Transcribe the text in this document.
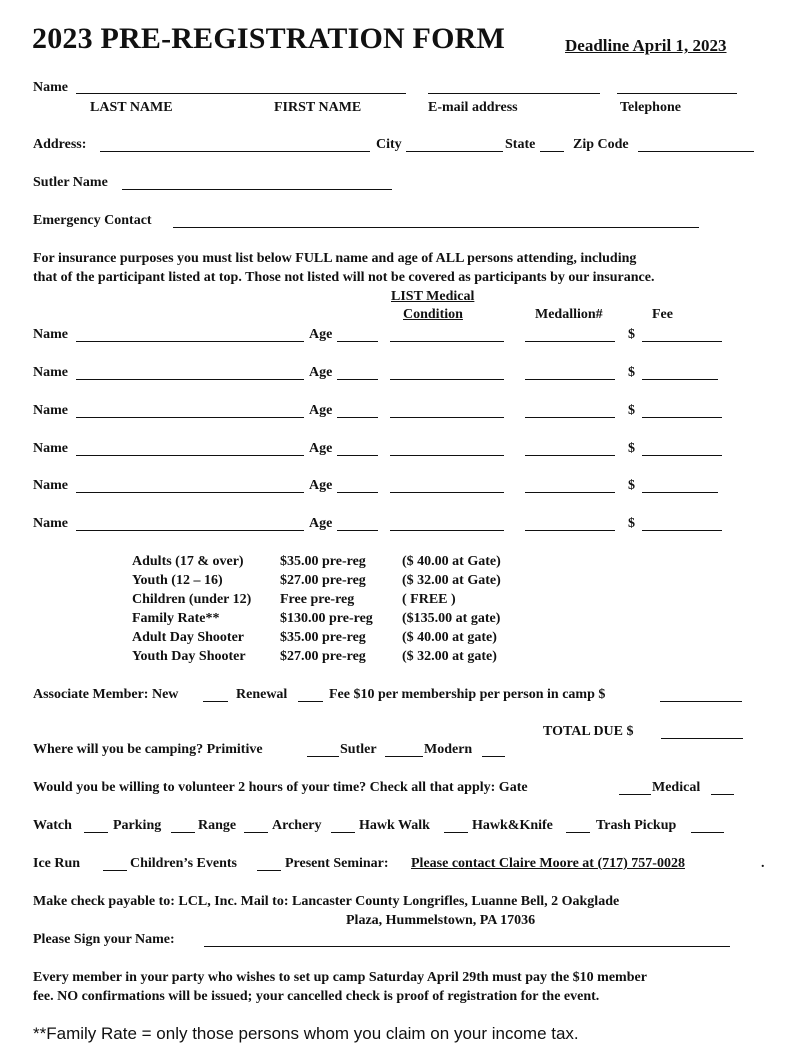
2023 PRE-REGISTRATION FORM	Deadline April 1, 2023
Name
LAST NAME	FIRST NAME	E-mail address	Telephone
Address:	City	State	Zip Code
Sutler Name
Emergency Contact
For insurance purposes you must list below FULL name and age of ALL persons attending, including
that of the participant listed at top. Those not listed will not be covered as participants by our insurance.
LIST Medical
Condition	Medallion#	Fee
Name	Age	$
Name	Age	$
Name	Age	$
Name	Age	$
Name	Age	$
Name	Age	$
Adults (17 & over)	$35.00 pre-reg	($ 40.00 at Gate)
Youth (12 – 16)	$27.00 pre-reg	($ 32.00 at Gate)
Children (under 12)	Free pre-reg	( FREE )
Family Rate**	$130.00 pre-reg	($135.00 at gate)
Adult Day Shooter	$35.00 pre-reg	($ 40.00 at gate)
Youth Day Shooter	$27.00 pre-reg	($ 32.00 at gate)
Associate Member: New	Renewal	Fee $10 per membership per person in camp $
TOTAL DUE $
Where will you be camping? Primitive	Sutler	Modern
Would you be willing to volunteer 2 hours of your time? Check all that apply: Gate	Medical
Watch	Parking	Range	Archery	Hawk Walk	Hawk&Knife	Trash Pickup
Ice Run	Children’s Events	Present Seminar: Please contact Claire Moore at (717) 757-0028	.
Make check payable to: LCL, Inc. Mail to: Lancaster County Longrifles, Luanne Bell, 2 Oakglade
Plaza, Hummelstown, PA 17036
Please Sign your Name:
Every member in your party who wishes to set up camp Saturday April 29th must pay the $10 member
fee. NO confirmations will be issued; your cancelled check is proof of registration for the event.
**Family Rate = only those persons whom you claim on your income tax.
